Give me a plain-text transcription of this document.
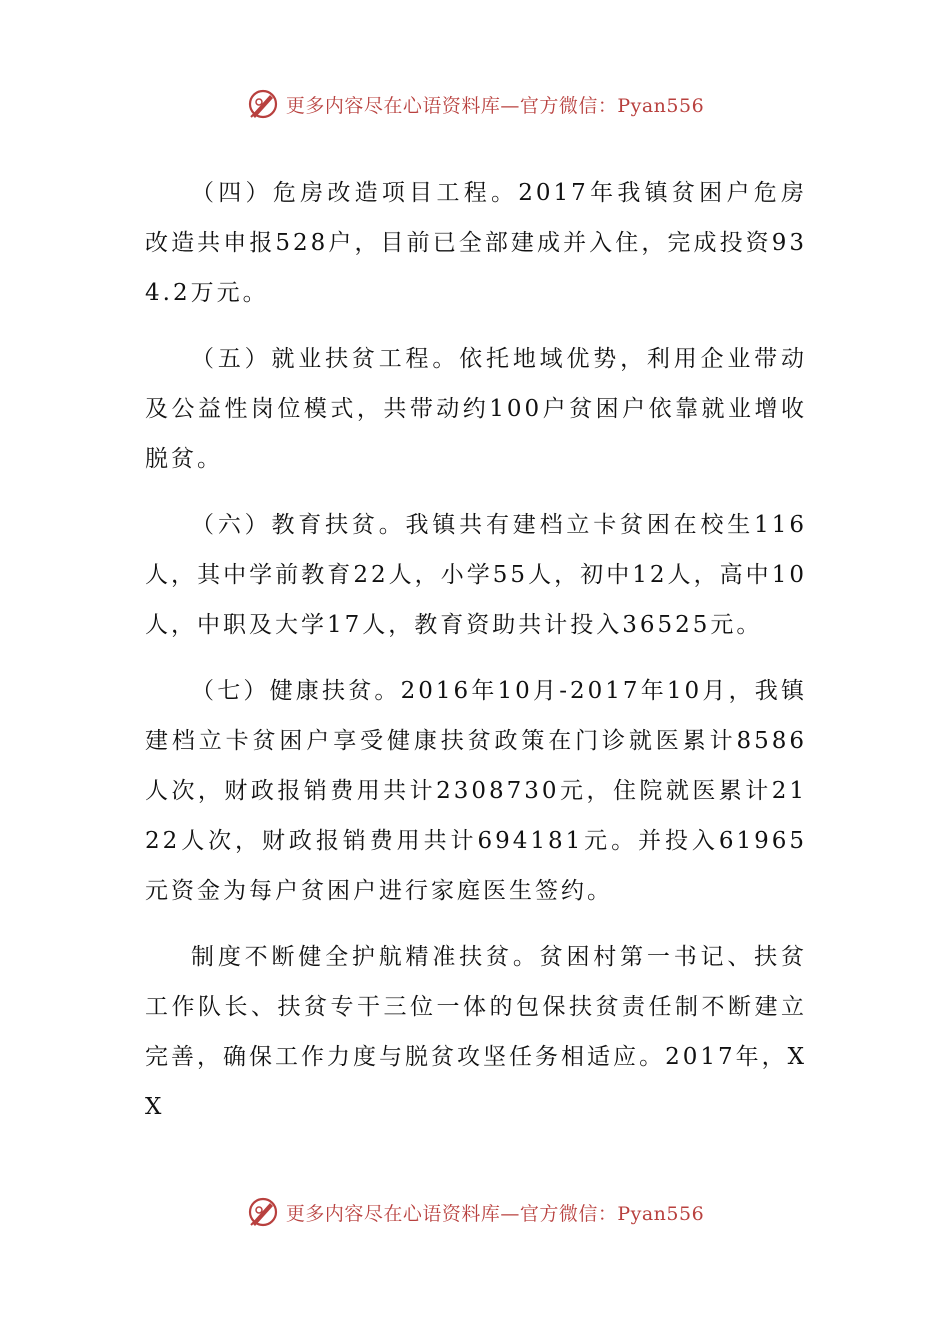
更多内容尽在心语资料库—官方微信：Pyan556

（四）危房改造项目工程。2017年我镇贫困户危房改造共申报528户，目前已全部建成并入住，完成投资934.2万元。

（五）就业扶贫工程。依托地域优势，利用企业带动及公益性岗位模式，共带动约100户贫困户依靠就业增收脱贫。

（六）教育扶贫。我镇共有建档立卡贫困在校生116人，其中学前教育22人，小学55人，初中12人，高中10人，中职及大学17人，教育资助共计投入36525元。

（七）健康扶贫。2016年10月-2017年10月，我镇建档立卡贫困户享受健康扶贫政策在门诊就医累计8586人次，财政报销费用共计2308730元，住院就医累计2122人次，财政报销费用共计694181元。并投入61965元资金为每户贫困户进行家庭医生签约。

制度不断健全护航精准扶贫。贫困村第一书记、扶贫工作队长、扶贫专干三位一体的包保扶贫责任制不断建立完善，确保工作力度与脱贫攻坚任务相适应。2017年，XX

更多内容尽在心语资料库—官方微信：Pyan556
